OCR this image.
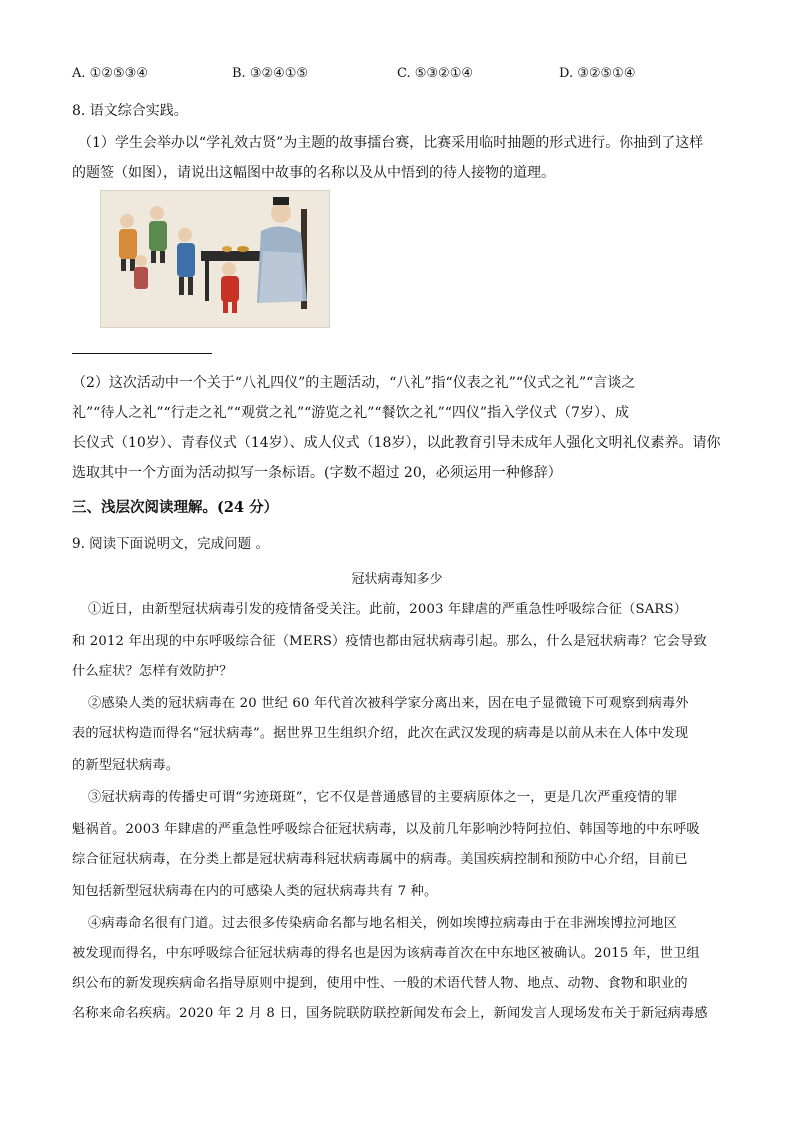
A. ①②⑤③④	B. ③②④①⑤	C. ⑤③②①④	D. ③②⑤①④
8. 语文综合实践。
（1）学生会举办以“学礼效古贤”为主题的故事擂台赛，比赛采用临时抽题的形式进行。你抽到了这样
的题签（如图），请说出这幅图中故事的名称以及从中悟到的待人接物的道理。
（2）这次活动中一个关于“八礼四仪”的主题活动，“八礼”指“仪表之礼”“仪式之礼”“言谈之
礼”“待人之礼”“行走之礼”“观赏之礼”“游览之礼”“餐饮之礼”“四仪”指入学仪式（7岁）、成
长仪式（10岁）、青春仪式（14岁）、成人仪式（18岁），以此教育引导未成年人强化文明礼仪素养。请你
选取其中一个方面为活动拟写一条标语。(字数不超过 20，必须运用一种修辞）
三、浅层次阅读理解。(24 分）
9. 阅读下面说明文，完成问题 。
冠状病毒知多少
①近日，由新型冠状病毒引发的疫情备受关注。此前，2003 年肆虐的严重急性呼吸综合征（SARS）
和 2012 年出现的中东呼吸综合征（MERS）疫情也都由冠状病毒引起。那么，什么是冠状病毒？它会导致
什么症状？怎样有效防护？
②感染人类的冠状病毒在 20 世纪 60 年代首次被科学家分离出来，因在电子显微镜下可观察到病毒外
表的冠状构造而得名“冠状病毒”。据世界卫生组织介绍，此次在武汉发现的病毒是以前从未在人体中发现
的新型冠状病毒。
③冠状病毒的传播史可谓“劣迹斑斑”，它不仅是普通感冒的主要病原体之一，更是几次严重疫情的罪
魁祸首。2003 年肆虐的严重急性呼吸综合征冠状病毒，以及前几年影响沙特阿拉伯、韩国等地的中东呼吸
综合征冠状病毒，在分类上都是冠状病毒科冠状病毒属中的病毒。美国疾病控制和预防中心介绍，目前已
知包括新型冠状病毒在内的可感染人类的冠状病毒共有 7 种。
④病毒命名很有门道。过去很多传染病命名都与地名相关，例如埃博拉病毒由于在非洲埃博拉河地区
被发现而得名，中东呼吸综合征冠状病毒的得名也是因为该病毒首次在中东地区被确认。2015 年，世卫组
织公布的新发现疾病命名指导原则中提到，使用中性、一般的术语代替人物、地点、动物、食物和职业的
名称来命名疾病。2020 年 2 月 8 日，国务院联防联控新闻发布会上，新闻发言人现场发布关于新冠病毒感
